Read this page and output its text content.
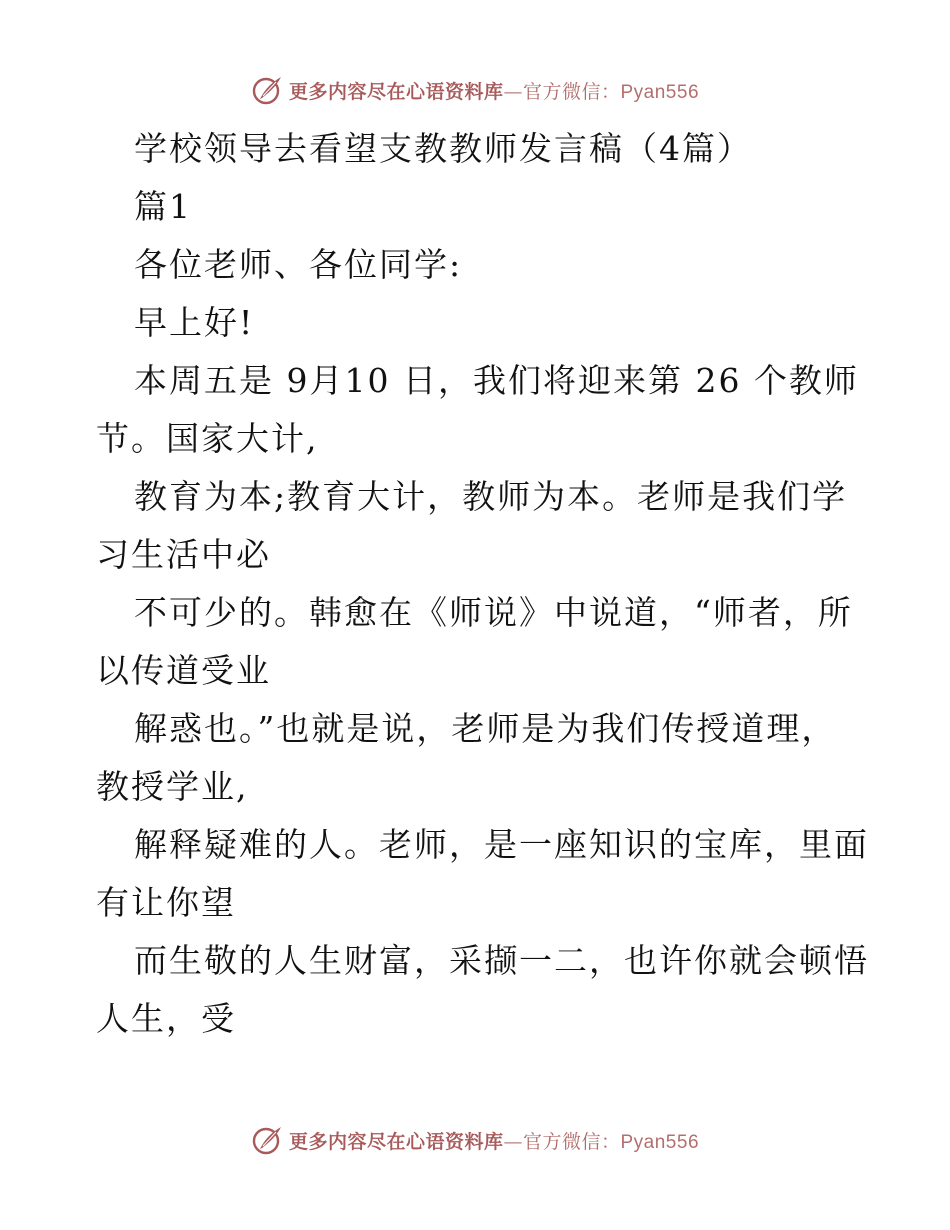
更多内容尽在心语资料库—官方微信：Pyan556
学校领导去看望支教教师发言稿（4篇）
篇1
各位老师、各位同学:
早上好!
本周五是 9月10 日，我们将迎来第 26 个教师
节。国家大计,
教育为本;教育大计，教师为本。老师是我们学
习生活中必
不可少的。韩愈在《师说》中说道，“师者，所
以传道受业
解惑也。”也就是说，老师是为我们传授道理，
教授学业,
解释疑难的人。老师，是一座知识的宝库，里面
有让你望
而生敬的人生财富，采撷一二，也许你就会顿悟
人生，受
更多内容尽在心语资料库—官方微信：Pyan556
